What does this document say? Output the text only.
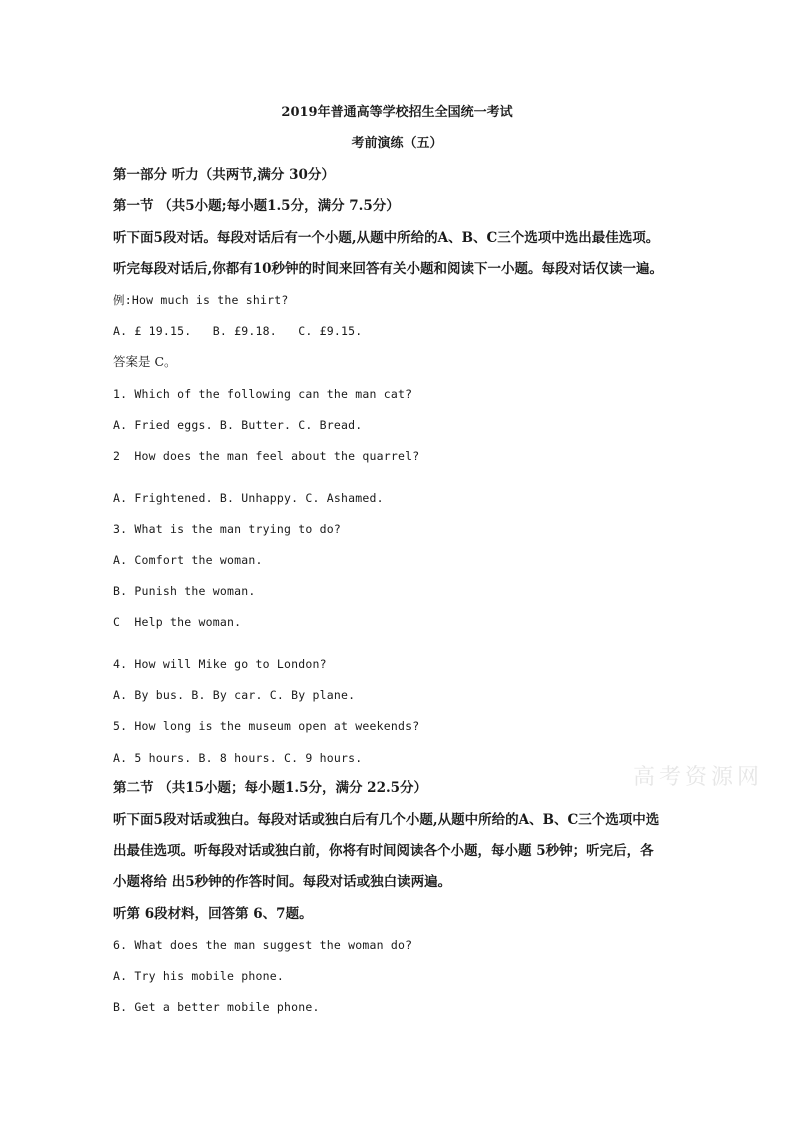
2019年普通高等学校招生全国统一考试
考前演练（五）
第一部分 听力（共两节,满分 30分）
第一节 （共5小题;每小题1.5分，满分 7.5分）
听下面5段对话。每段对话后有一个小题,从题中所给的A、B、C三个选项中选出最佳选项。
听完每段对话后,你都有10秒钟的时间来回答有关小题和阅读下一小题。每段对话仅读一遍。
例:How much is the shirt?
A. £ 19.15.   B. £9.18.   C. £9.15.
答案是 C。
1. Which of the following can the man cat?
A. Fried eggs. B. Butter. C. Bread.
2  How does the man feel about the quarrel?
A. Frightened. B. Unhappy. C. Ashamed.
3. What is the man trying to do?
A. Comfort the woman.
B. Punish the woman.
C  Help the woman.
4. How will Mike go to London?
A. By bus. B. By car. C. By plane.
5. How long is the museum open at weekends?
A. 5 hours. B. 8 hours. C. 9 hours.
第二节 （共15小题；每小题1.5分，满分 22.5分）
听下面5段对话或独白。每段对话或独白后有几个小题,从题中所给的A、B、C三个选项中选
出最佳选项。听每段对话或独白前，你将有时间阅读各个小题，每小题 5秒钟；听完后，各
小题将给 出5秒钟的作答时间。每段对话或独白读两遍。
听第 6段材料，回答第 6、7题。
6. What does the man suggest the woman do?
A. Try his mobile phone.
B. Get a better mobile phone.
高考资源网
